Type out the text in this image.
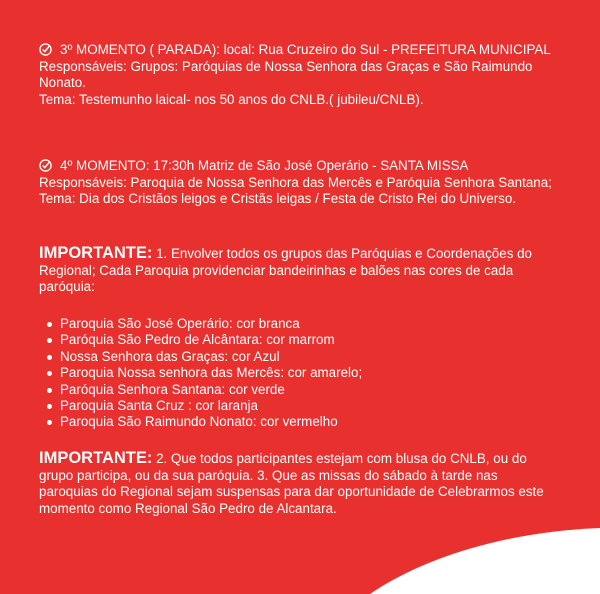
3º MOMENTO ( PARADA): local: Rua Cruzeiro do Sul - PREFEITURA MUNICIPAL

Responsáveis: Grupos: Paróquias de Nossa Senhora das Graças e São Raimundo Nonato.

Tema: Testemunho laical- nos 50 anos do CNLB.( jubileu/CNLB).

4º MOMENTO: 17:30h Matriz de São José Operário - SANTA MISSA

Responsáveis: Paroquia de Nossa Senhora das Mercês e Paróquia Senhora Santana;

Tema: Dia dos Cristãos leigos e Cristãs leigas / Festa de Cristo Rei do Universo.

IMPORTANTE: 1. Envolver todos os grupos das Paróquias e Coordenações do Regional; Cada Paroquia providenciar bandeirinhas e balões nas cores de cada paróquia:

Paroquia São José Operário: cor branca
Paróquia São Pedro de Alcântara: cor marrom
Nossa Senhora das Graças: cor Azul
Paroquia Nossa senhora das Mercês: cor amarelo;
Paróquia Senhora Santana: cor verde
Paroquia Santa Cruz : cor laranja
Paroquia São Raimundo Nonato: cor vermelho

IMPORTANTE: 2. Que todos participantes estejam com blusa do CNLB, ou do grupo participa, ou da sua paróquia. 3. Que as missas do sábado à tarde nas paroquias do Regional sejam suspensas para dar oportunidade de Celebrarmos este momento como Regional São Pedro de Alcantara.
